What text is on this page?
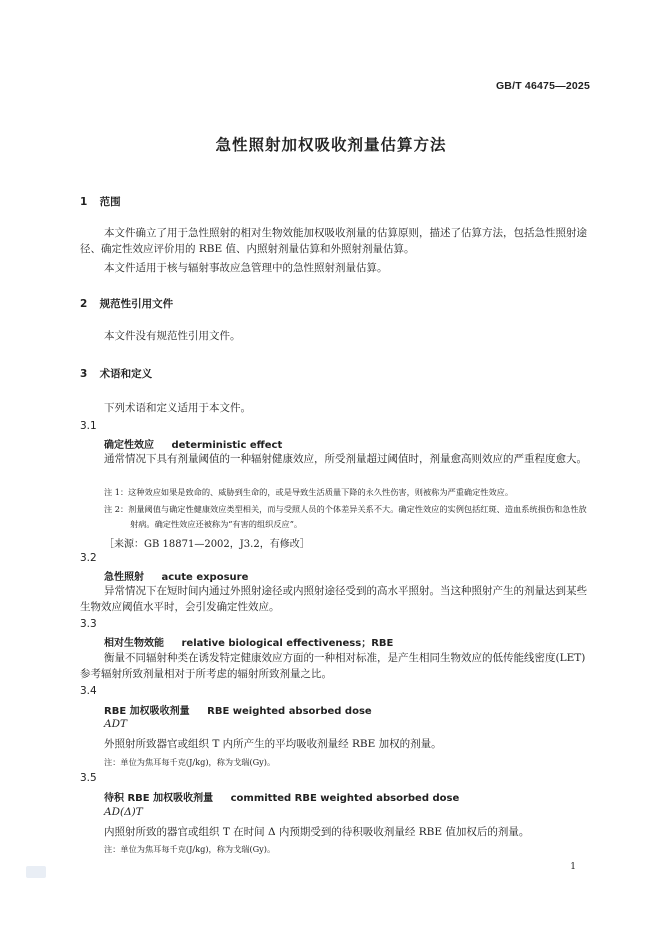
GB/T 46475—2025
急性照射加权吸收剂量估算方法
1 范围
本文件确立了用于急性照射的相对生物效能加权吸收剂量的估算原则，描述了估算方法，包括急性照射途径、确定性效应评价用的 RBE 值、内照射剂量估算和外照射剂量估算。
本文件适用于核与辐射事故应急管理中的急性照射剂量估算。
2 规范性引用文件
本文件没有规范性引用文件。
3 术语和定义
下列术语和定义适用于本文件。
3.1
确定性效应 deterministic effect
通常情况下具有剂量阈值的一种辐射健康效应，所受剂量超过阈值时，剂量愈高则效应的严重程度愈大。
注 1：这种效应如果是致命的、威胁到生命的，或是导致生活质量下降的永久性伤害，则被称为严重确定性效应。
注 2：剂量阈值与确定性健康效应类型相关，而与受照人员的个体差异关系不大。确定性效应的实例包括红斑、造血系统损伤和急性放射病。确定性效应还被称为“有害的组织反应”。
［来源：GB 18871—2002，J3.2，有修改］
3.2
急性照射 acute exposure
异常情况下在短时间内通过外照射途径或内照射途径受到的高水平照射。当这种照射产生的剂量达到某些生物效应阈值水平时，会引发确定性效应。
3.3
相对生物效能 relative biological effectiveness；RBE
衡量不同辐射种类在诱发特定健康效应方面的一种相对标准，是产生相同生物效应的低传能线密度(LET)参考辐射所致剂量相对于所考虑的辐射所致剂量之比。
3.4
RBE 加权吸收剂量 RBE weighted absorbed dose
ADT
外照射所致器官或组织 T 内所产生的平均吸收剂量经 RBE 加权的剂量。
注：单位为焦耳每千克(J/kg)，称为戈瑞(Gy)。
3.5
待积 RBE 加权吸收剂量 committed RBE weighted absorbed dose
AD(Δ)T
内照射所致的器官或组织 T 在时间 Δ 内预期受到的待积吸收剂量经 RBE 值加权后的剂量。
注：单位为焦耳每千克(J/kg)，称为戈瑞(Gy)。
1
